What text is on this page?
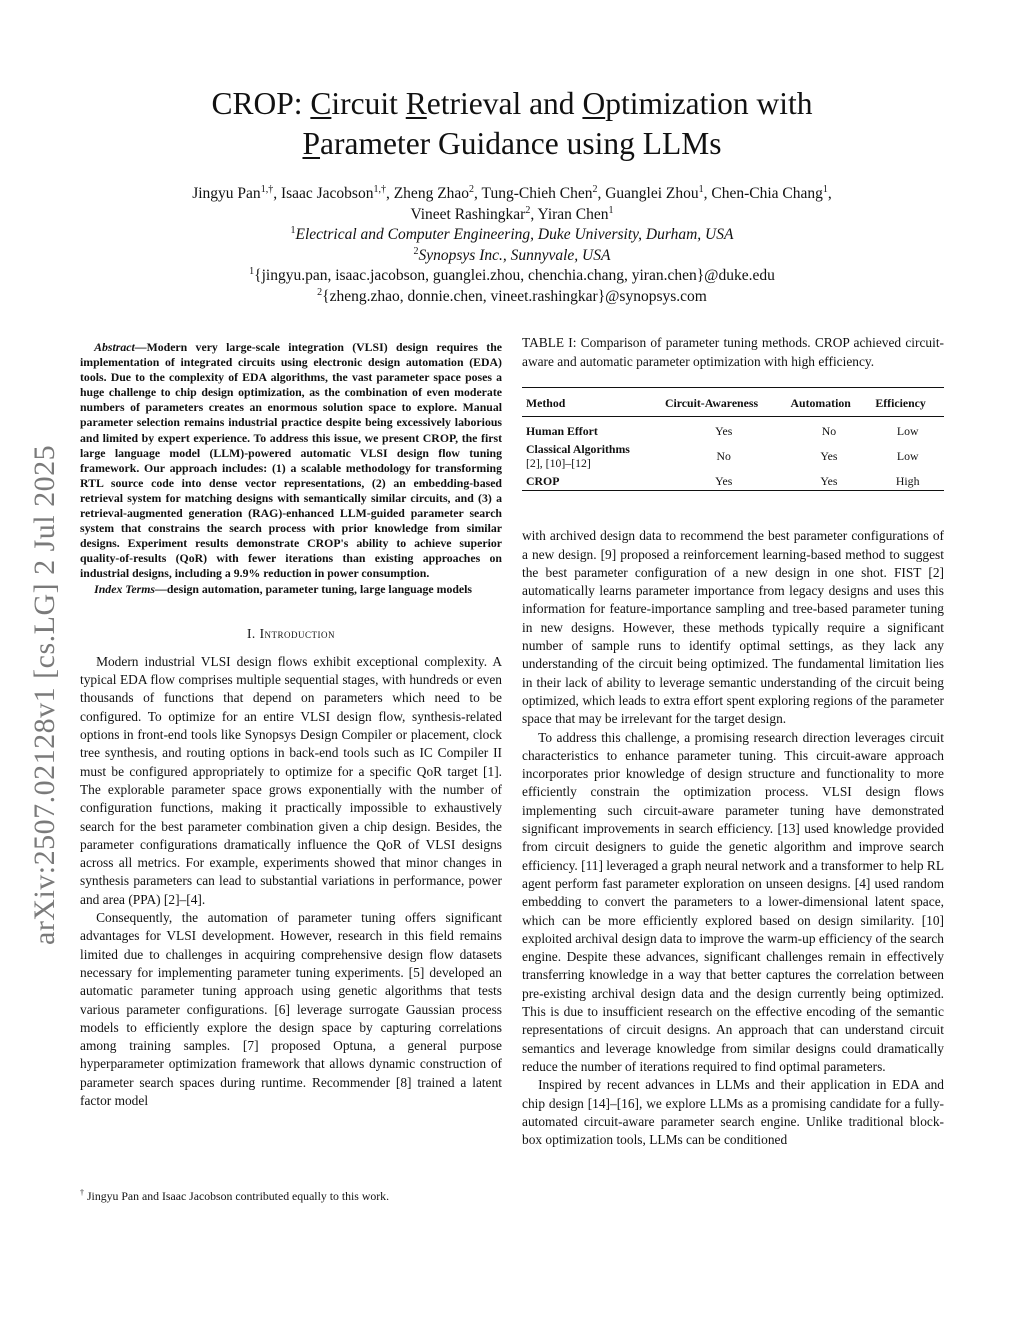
arXiv:2507.02128v1 [cs.LG] 2 Jul 2025
CROP: Circuit Retrieval and Optimization with
Parameter Guidance using LLMs
Jingyu Pan$^{1,\dagger}$, Isaac Jacobson$^{1,\dagger}$, Zheng Zhao$^2$, Tung-Chieh Chen$^2$, Guanglei Zhou$^1$, Chen-Chia Chang$^1$,
Vineet Rashingkar$^2$, Yiran Chen$^1$
$^1$Electrical and Computer Engineering, Duke University, Durham, USA
$^2$Synopsys Inc., Sunnyvale, USA
$^1${jingyu.pan, isaac.jacobson, guanglei.zhou, chenchia.chang, yiran.chen}@duke.edu
$^2${zheng.zhao, donnie.chen, vineet.rashingkar}@synopsys.com

Abstract—Modern very large-scale integration (VLSI) design requires the implementation of integrated circuits using electronic design automation (EDA) tools. Due to the complexity of EDA algorithms, the vast parameter space poses a huge challenge to chip design optimization, as the combination of even moderate numbers of parameters creates an enormous solution space to explore. Manual parameter selection remains industrial practice despite being excessively laborious and limited by expert experience. To address this issue, we present CROP, the first large language model (LLM)-powered automatic VLSI design flow tuning framework. Our approach includes: (1) a scalable methodology for transforming RTL source code into dense vector representations, (2) an embedding-based retrieval system for matching designs with semantically similar circuits, and (3) a retrieval-augmented generation (RAG)-enhanced LLM-guided parameter search system that constrains the search process with prior knowledge from similar designs. Experiment results demonstrate CROP's ability to achieve superior quality-of-results (QoR) with fewer iterations than existing approaches on industrial designs, including a 9.9% reduction in power consumption.

Index Terms—design automation, parameter tuning, large language models

I. Introduction

Modern industrial VLSI design flows exhibit exceptional complexity. A typical EDA flow comprises multiple sequential stages, with hundreds or even thousands of functions that depend on parameters which need to be configured. To optimize for an entire VLSI design flow, synthesis-related options in front-end tools like Synopsys Design Compiler or placement, clock tree synthesis, and routing options in back-end tools such as IC Compiler II must be configured appropriately to optimize for a specific QoR target [1]. The explorable parameter space grows exponentially with the number of configuration functions, making it practically impossible to exhaustively search for the best parameter combination given a chip design. Besides, the parameter configurations dramatically influence the QoR of VLSI designs across all metrics. For example, experiments showed that minor changes in synthesis parameters can lead to substantial variations in performance, power and area (PPA) [2]–[4].

Consequently, the automation of parameter tuning offers significant advantages for VLSI development. However, research in this field remains limited due to challenges in acquiring comprehensive design flow datasets necessary for implementing parameter tuning experiments. [5] developed an automatic parameter tuning approach using genetic algorithms that tests various parameter configurations. [6] leverage surrogate Gaussian process models to efficiently explore the design space by capturing correlations among training samples. [7] proposed Optuna, a general purpose hyperparameter optimization framework that allows dynamic construction of parameter search spaces during runtime. Recommender [8] trained a latent factor model

† Jingyu Pan and Isaac Jacobson contributed equally to this work.

TABLE I: Comparison of parameter tuning methods. CROP achieved circuit-aware and automatic parameter optimization with high efficiency.

Method	Circuit-Awareness	Automation	Efficiency
Human Effort	Yes	No	Low
Classical Algorithms
[2], [10]–[12]	No	Yes	Low
CROP	Yes	Yes	High

with archived design data to recommend the best parameter configurations of a new design. [9] proposed a reinforcement learning-based method to suggest the best parameter configuration of a new design in one shot. FIST [2] automatically learns parameter importance from legacy designs and uses this information for feature-importance sampling and tree-based parameter tuning in new designs. However, these methods typically require a significant number of sample runs to identify optimal settings, as they lack any understanding of the circuit being optimized. The fundamental limitation lies in their lack of ability to leverage semantic understanding of the circuit being optimized, which leads to extra effort spent exploring regions of the parameter space that may be irrelevant for the target design.

To address this challenge, a promising research direction leverages circuit characteristics to enhance parameter tuning. This circuit-aware approach incorporates prior knowledge of design structure and functionality to more efficiently constrain the optimization process. VLSI design flows implementing such circuit-aware parameter tuning have demonstrated significant improvements in search efficiency. [13] used knowledge provided from circuit designers to guide the genetic algorithm and improve search efficiency. [11] leveraged a graph neural network and a transformer to help RL agent perform fast parameter exploration on unseen designs. [4] used random embedding to convert the parameters to a lower-dimensional latent space, which can be more efficiently explored based on design similarity. [10] exploited archival design data to improve the warm-up efficiency of the search engine. Despite these advances, significant challenges remain in effectively transferring knowledge in a way that better captures the correlation between pre-existing archival design data and the design currently being optimized. This is due to insufficient research on the effective encoding of the semantic representations of circuit designs. An approach that can understand circuit semantics and leverage knowledge from similar designs could dramatically reduce the number of iterations required to find optimal parameters.

Inspired by recent advances in LLMs and their application in EDA and chip design [14]–[16], we explore LLMs as a promising candidate for a fully-automated circuit-aware parameter search engine. Unlike traditional block-box optimization tools, LLMs can be conditioned
